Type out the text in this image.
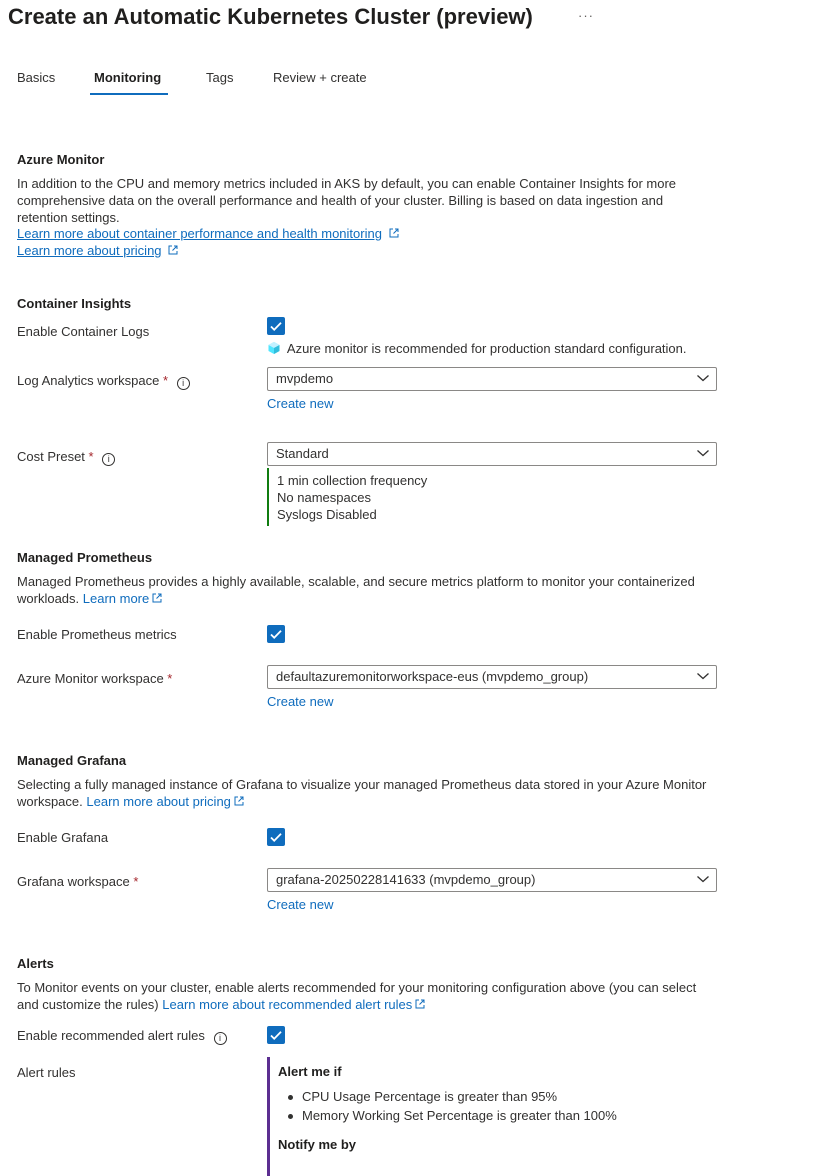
Create an Automatic Kubernetes Cluster (preview)	···
Basics	Monitoring	Tags	Review + create
Azure Monitor
In addition to the CPU and memory metrics included in AKS by default, you can enable Container Insights for more comprehensive data on the overall performance and health of your cluster. Billing is based on data ingestion and retention settings.
Learn more about container performance and health monitoring
Learn more about pricing
Container Insights
Enable Container Logs
Azure monitor is recommended for production standard configuration.
Log Analytics workspace * i	mvpdemo
Create new
Cost Preset * i	Standard
1 min collection frequency
No namespaces
Syslogs Disabled
Managed Prometheus
Managed Prometheus provides a highly available, scalable, and secure metrics platform to monitor your containerized workloads. Learn more
Enable Prometheus metrics
Azure Monitor workspace *	defaultazuremonitorworkspace-eus (mvpdemo_group)
Create new
Managed Grafana
Selecting a fully managed instance of Grafana to visualize your managed Prometheus data stored in your Azure Monitor workspace. Learn more about pricing
Enable Grafana
Grafana workspace *	grafana-20250228141633 (mvpdemo_group)
Create new
Alerts
To Monitor events on your cluster, enable alerts recommended for your monitoring configuration above (you can select and customize the rules) Learn more about recommended alert rules
Enable recommended alert rules i
Alert rules	Alert me if
CPU Usage Percentage is greater than 95%
Memory Working Set Percentage is greater than 100%
Notify me by
